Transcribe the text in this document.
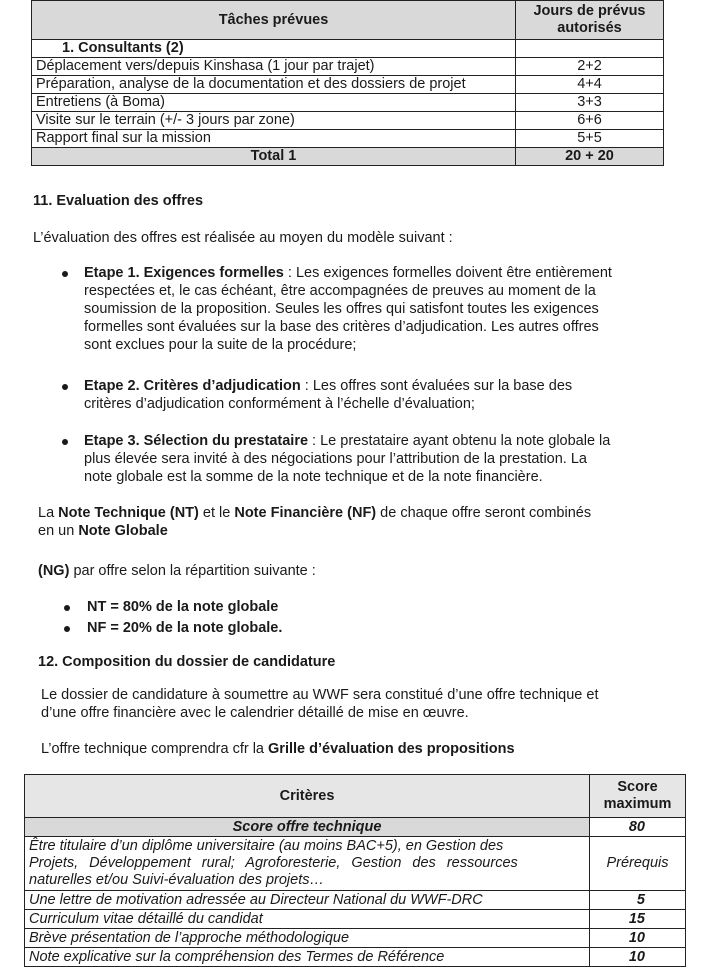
Tâches prévues	Jours de prévus autorisés
1. Consultants (2)	
Déplacement vers/depuis Kinshasa (1 jour par trajet)	2+2
Préparation, analyse de la documentation et des dossiers de projet	4+4
Entretiens (à Boma)	3+3
Visite sur le terrain (+/- 3 jours par zone)	6+6
Rapport final sur la mission	5+5
Total 1	20 + 20
11. Evaluation des offres
L’évaluation des offres est réalisée au moyen du modèle suivant :
Etape 1. Exigences formelles : Les exigences formelles doivent être entièrement
respectées et, le cas échéant, être accompagnées de preuves au moment de la
soumission de la proposition. Seules les offres qui satisfont toutes les exigences
formelles sont évaluées sur la base des critères d’adjudication. Les autres offres
sont exclues pour la suite de la procédure;
Etape 2. Critères d’adjudication : Les offres sont évaluées sur la base des
critères d’adjudication conformément à l’échelle d’évaluation;
Etape 3. Sélection du prestataire : Le prestataire ayant obtenu la note globale la
plus élevée sera invité à des négociations pour l’attribution de la prestation. La
note globale est la somme de la note technique et de la note financière.
La Note Technique (NT) et le Note Financière (NF) de chaque offre seront combinés
en un Note Globale
(NG) par offre selon la répartition suivante :
NT = 80% de la note globale
NF = 20% de la note globale.
12. Composition du dossier de candidature
Le dossier de candidature à soumettre au WWF sera constitué d’une offre technique et
d’une offre financière avec le calendrier détaillé de mise en œuvre.
L’offre technique comprendra cfr la Grille d’évaluation des propositions
Critères	Score maximum
Score offre technique	80

Être titulaire d’un diplôme universitaire (au moins BAC+5), en Gestion des
Projets, Développement rural; Agroforesterie, Gestion des ressources
naturelles et/ou Suivi-évaluation des projets…	Prérequis
Une lettre de motivation adressée au Directeur National du WWF-DRC	5
Curriculum vitae détaillé du candidat	15
Brève présentation de l’approche méthodologique	10
Note explicative sur la compréhension des Termes de Référence	10
